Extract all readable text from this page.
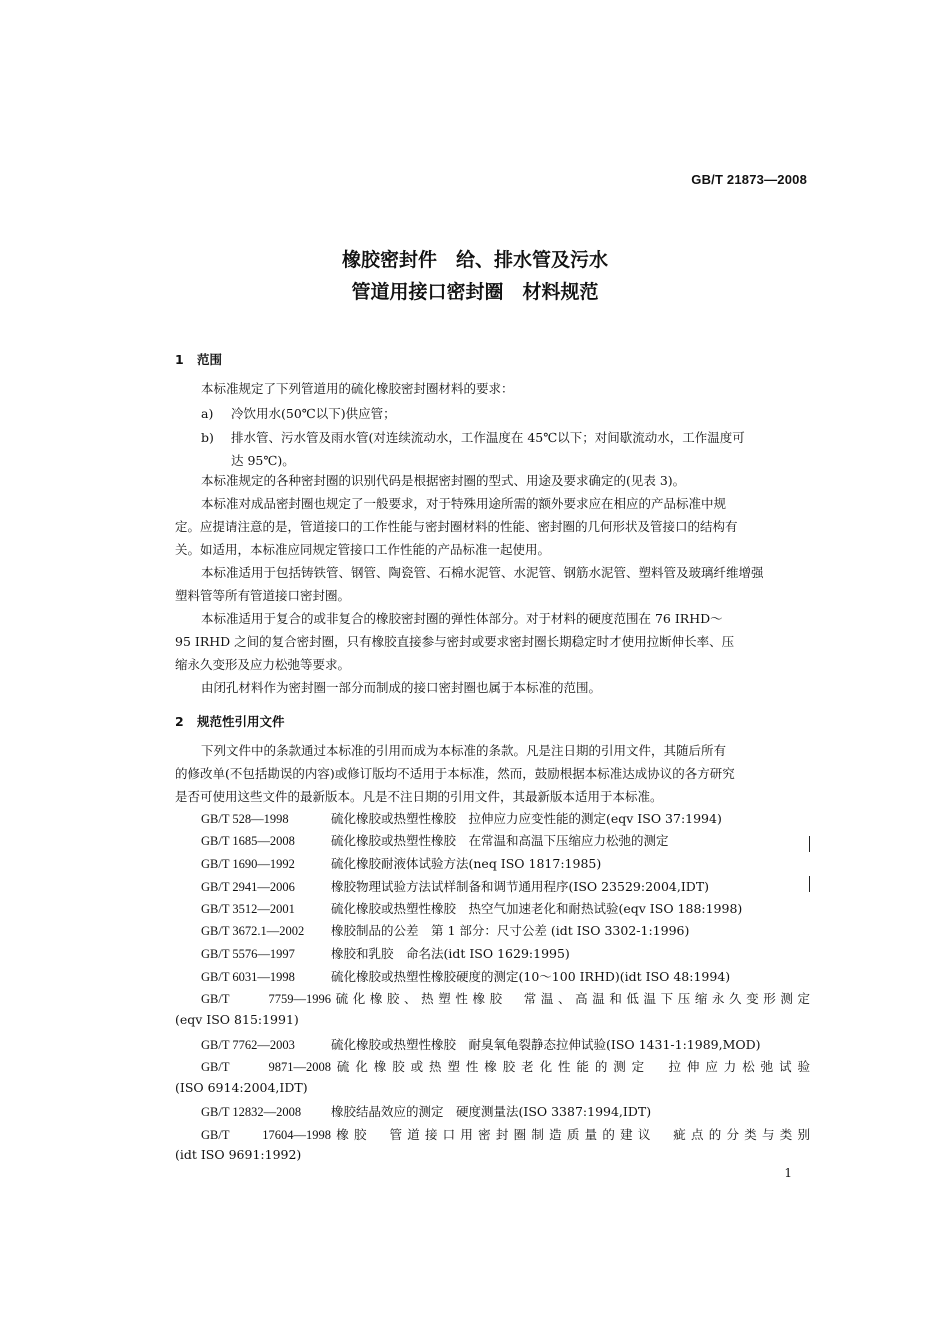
GB/T 21873—2008
橡胶密封件　给、排水管及污水
管道用接口密封圈　材料规范
1 范围
本标准规定了下列管道用的硫化橡胶密封圈材料的要求：
a) 冷饮用水(50℃以下)供应管；
b) 排水管、污水管及雨水管(对连续流动水，工作温度在 45℃以下；对间歇流动水，工作温度可
达 95℃)。
本标准规定的各种密封圈的识别代码是根据密封圈的型式、用途及要求确定的(见表 3)。
本标准对成品密封圈也规定了一般要求，对于特殊用途所需的额外要求应在相应的产品标准中规
定。应提请注意的是，管道接口的工作性能与密封圈材料的性能、密封圈的几何形状及管接口的结构有
关。如适用，本标准应同规定管接口工作性能的产品标准一起使用。
本标准适用于包括铸铁管、钢管、陶瓷管、石棉水泥管、水泥管、钢筋水泥管、塑料管及玻璃纤维增强
塑料管等所有管道接口密封圈。
本标准适用于复合的或非复合的橡胶密封圈的弹性体部分。对于材料的硬度范围在 76 IRHD～
95 IRHD 之间的复合密封圈，只有橡胶直接参与密封或要求密封圈长期稳定时才使用拉断伸长率、压
缩永久变形及应力松弛等要求。
由闭孔材料作为密封圈一部分而制成的接口密封圈也属于本标准的范围。
2 规范性引用文件
下列文件中的条款通过本标准的引用而成为本标准的条款。凡是注日期的引用文件，其随后所有
的修改单(不包括勘误的内容)或修订版均不适用于本标准，然而，鼓励根据本标准达成协议的各方研究
是否可使用这些文件的最新版本。凡是不注日期的引用文件，其最新版本适用于本标准。
GB/T 528—1998	硫化橡胶或热塑性橡胶　拉伸应力应变性能的测定(eqv ISO 37:1994)
GB/T 1685—2008	硫化橡胶或热塑性橡胶　在常温和高温下压缩应力松弛的测定
GB/T 1690—1992	硫化橡胶耐液体试验方法(neq ISO 1817:1985)
GB/T 2941—2006	橡胶物理试验方法试样制备和调节通用程序(ISO 23529:2004,IDT)
GB/T 3512—2001	硫化橡胶或热塑性橡胶　热空气加速老化和耐热试验(eqv ISO 188:1998)
GB/T 3672.1—2002 橡胶制品的公差　第 1 部分：尺寸公差 (idt ISO 3302-1:1996)
GB/T 5576—1997	橡胶和乳胶　命名法(idt ISO 1629:1995)
GB/T 6031—1998	硫化橡胶或热塑性橡胶硬度的测定(10～100 IRHD)(idt ISO 48:1994)
GB/T 7759—1996硫化橡胶、热塑性橡胶　常温、高温和低温下压缩永久变形测定
(eqv ISO 815:1991)
GB/T 7762—2003	硫化橡胶或热塑性橡胶　耐臭氧龟裂静态拉伸试验(ISO 1431-1:1989,MOD)
GB/T 9871—2008硫化橡胶或热塑性橡胶老化性能的测定　拉伸应力松弛试验
(ISO 6914:2004,IDT)
GB/T 12832—2008 橡胶结晶效应的测定　硬度测量法(ISO 3387:1994,IDT)
GB/T 17604—1998橡胶　管道接口用密封圈制造质量的建议　疵点的分类与类别
(idt ISO 9691:1992)
1
